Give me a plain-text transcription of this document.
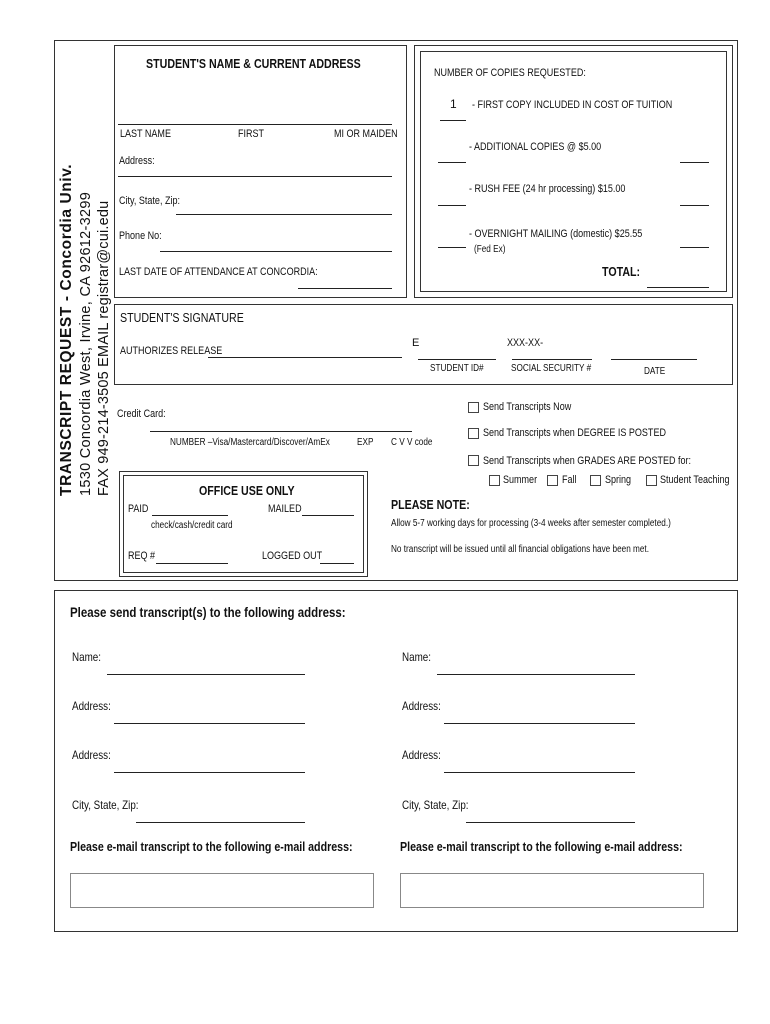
TRANSCRIPT REQUEST - Concordia Univ. 1530 Concordia West, Irvine, CA 92612-3299 FAX 949-214-3505 EMAIL registrar@cui.edu
STUDENT'S NAME & CURRENT ADDRESS
LAST NAME	FIRST	MI OR MAIDEN
Address:
City, State, Zip:
Phone No:
LAST DATE OF ATTENDANCE AT CONCORDIA:
NUMBER OF COPIES REQUESTED:
1 - FIRST COPY INCLUDED IN COST OF TUITION
- ADDITIONAL COPIES @ $5.00
- RUSH FEE (24 hr processing) $15.00
- OVERNIGHT MAILING (domestic) $25.55
(Fed Ex)
TOTAL:
STUDENT'S SIGNATURE
AUTHORIZES RELEASE
E
STUDENT ID#
XXX-XX-
SOCIAL SECURITY #	DATE
Credit Card:
NUMBER –Visa/Mastercard/Discover/AmEx	EXP	C V V code
Send Transcripts Now
Send Transcripts when DEGREE IS POSTED
Send Transcripts when GRADES ARE POSTED for:
Summer	Fall	Spring	Student Teaching
OFFICE USE ONLY
PAID	MAILED
check/cash/credit card
REQ #	LOGGED OUT
PLEASE NOTE:
Allow 5-7 working days for processing (3-4 weeks after semester completed.)
No transcript will be issued until all financial obligations have been met.
Please send transcript(s) to the following address:
Name:
Address:
Address:
City, State, Zip:
Name:
Address:
Address:
City, State, Zip:
Please e-mail transcript to the following e-mail address:	Please e-mail transcript to the following e-mail address:
